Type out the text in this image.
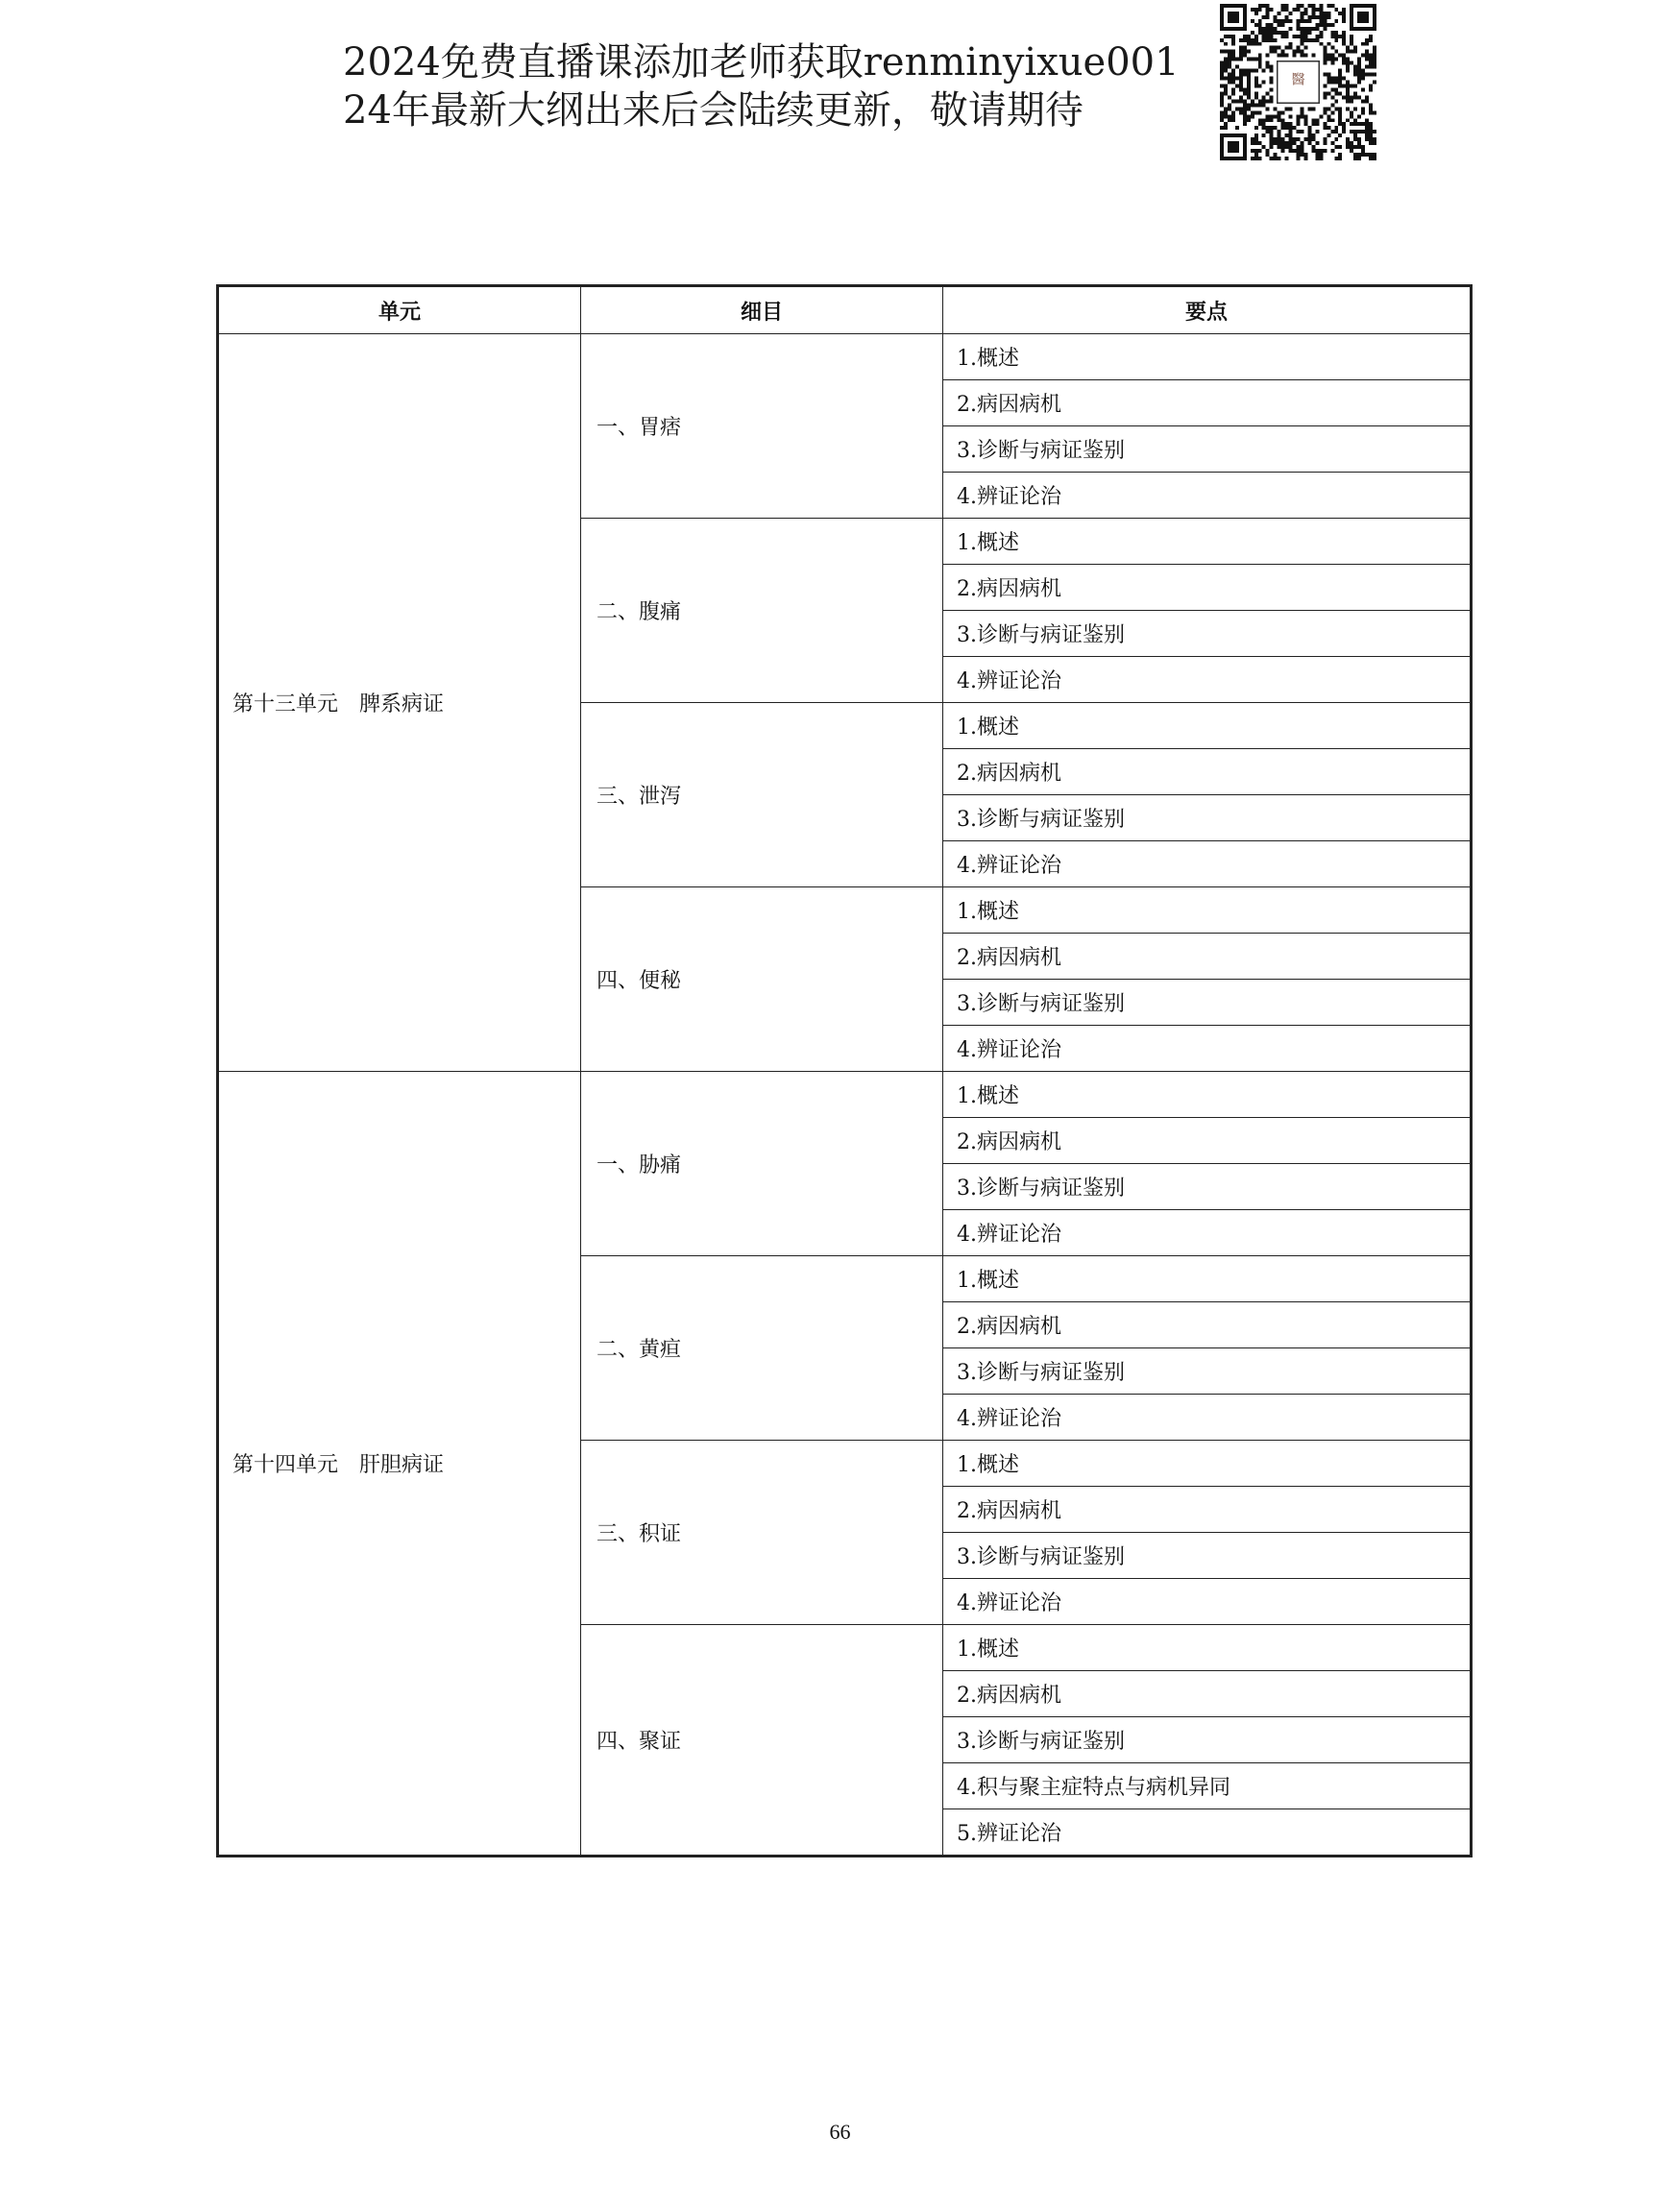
2024免费直播课添加老师获取renminyixue001
24年最新大纲出来后会陆续更新，敬请期待
醫
单元	细目	要点
第十三单元　脾系病证	一、胃痞	1.概述
		2.病因病机
		3.诊断与病证鉴别
		4.辨证论治
	二、腹痛	1.概述
		2.病因病机
		3.诊断与病证鉴别
		4.辨证论治
	三、泄泻	1.概述
		2.病因病机
		3.诊断与病证鉴别
		4.辨证论治
	四、便秘	1.概述
		2.病因病机
		3.诊断与病证鉴别
		4.辨证论治
第十四单元　肝胆病证	一、胁痛	1.概述
		2.病因病机
		3.诊断与病证鉴别
		4.辨证论治
	二、黄疸	1.概述
		2.病因病机
		3.诊断与病证鉴别
		4.辨证论治
	三、积证	1.概述
		2.病因病机
		3.诊断与病证鉴别
		4.辨证论治
	四、聚证	1.概述
		2.病因病机
		3.诊断与病证鉴别
		4.积与聚主症特点与病机异同
		5.辨证论治
66
